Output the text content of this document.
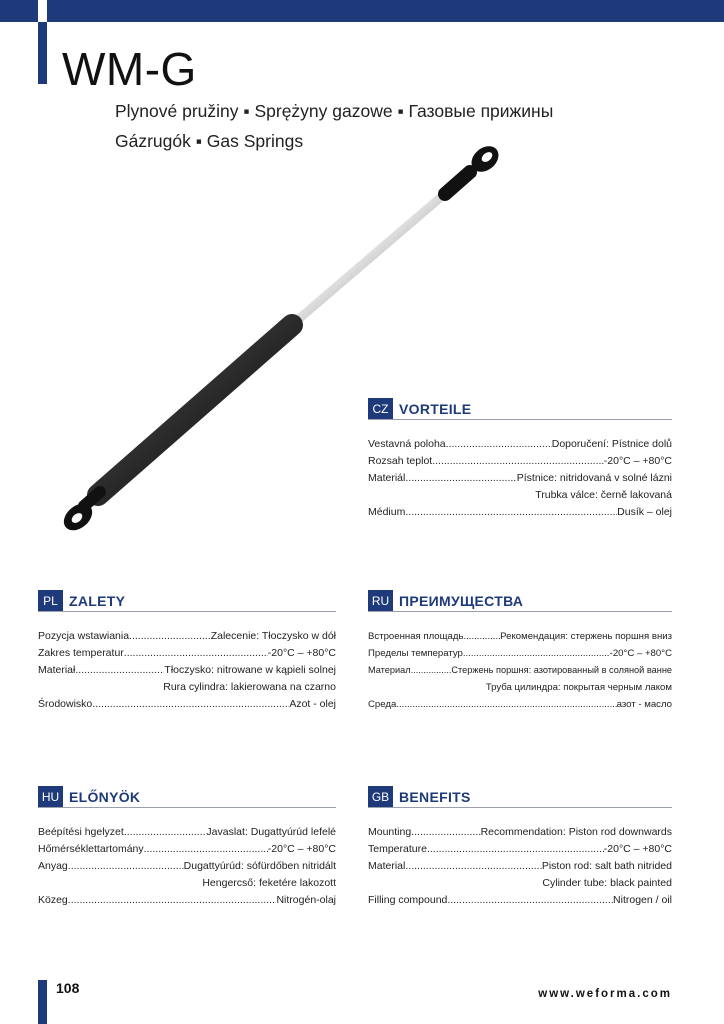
WM-G
Plynové pružiny ▪ Sprężyny gazowe ▪ Газовые прижины
Gázrugók ▪ Gas Springs
CZ VORTEILE
Vestavná poloha .....	Doporučení: Pístnice dolů
Rozsah teplot .....	-20°C – +80°C
Materiál .....	Pístnice: nitridovaná v solné lázni
Trubka válce: černě lakovaná
Médium .....	Dusík – olej
PL ZALETY
Pozycja wstawiania .....	Zalecenie: Tłoczysko w dół
Zakres temperatur .....	-20°C – +80°C
Materiał .....	Tłoczysko: nitrowane w kąpieli solnej
Rura cylindra: lakierowana na czarno
Środowisko .....	Azot - olej
RU ПРЕИМУЩЕСТВА
Встроенная площадь .....	Рекомендация: стержень поршня вниз
Пределы температур .....	-20°C – +80°C
Материал .....	Стержень поршня: азотированный в соляной ванне
Труба цилиндра: покрытая черным лаком
Среда .....	азот - масло
HU ELŐNYÖK
Beépítési hgelyzet .....	Javaslat: Dugattyúrúd lefelé
Hőmérséklettartomány .....	-20°C – +80°C
Anyag .....	Dugattyúrúd: sófürdőben nitridált
Hengercső: feketére lakozott
Közeg .....	Nitrogén-olaj
GB BENEFITS
Mounting .....	Recommendation: Piston rod downwards
Temperature .....	-20°C – +80°C
Material .....	Piston rod: salt bath nitrided
Cylinder tube: black painted
Filling compound .....	Nitrogen / oil
108	www.weforma.com
